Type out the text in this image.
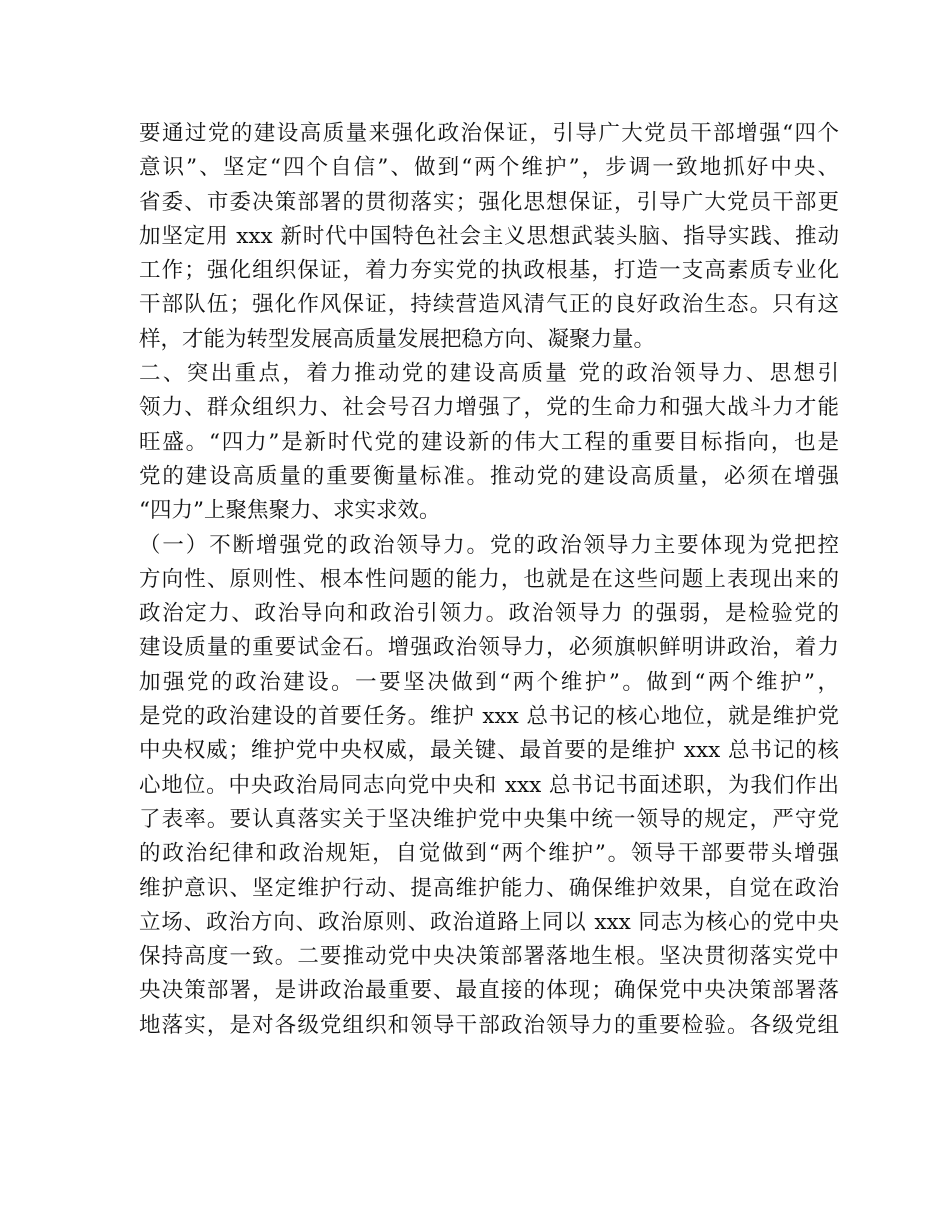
要通过党的建设高质量来强化政治保证，引导广大党员干部增强“四个
意识”、坚定“四个自信”、做到“两个维护”，步调一致地抓好中央、
省委、市委决策部署的贯彻落实；强化思想保证，引导广大党员干部更
加坚定用 xxx 新时代中国特色社会主义思想武装头脑、指导实践、推动
工作；强化组织保证，着力夯实党的执政根基，打造一支高素质专业化
干部队伍；强化作风保证，持续营造风清气正的良好政治生态。只有这
样，才能为转型发展高质量发展把稳方向、凝聚力量。
二、突出重点，着力推动党的建设高质量 党的政治领导力、思想引
领力、群众组织力、社会号召力增强了，党的生命力和强大战斗力才能
旺盛。“四力”是新时代党的建设新的伟大工程的重要目标指向，也是
党的建设高质量的重要衡量标准。推动党的建设高质量，必须在增强
“四力”上聚焦聚力、求实求效。
（一）不断增强党的政治领导力。党的政治领导力主要体现为党把控
方向性、原则性、根本性问题的能力，也就是在这些问题上表现出来的
政治定力、政治导向和政治引领力。政治领导力 的强弱，是检验党的
建设质量的重要试金石。增强政治领导力，必须旗帜鲜明讲政治，着力
加强党的政治建设。一要坚决做到“两个维护”。做到“两个维护”，
是党的政治建设的首要任务。维护 xxx 总书记的核心地位，就是维护党
中央权威；维护党中央权威，最关键、最首要的是维护 xxx 总书记的核
心地位。中央政治局同志向党中央和 xxx 总书记书面述职，为我们作出
了表率。要认真落实关于坚决维护党中央集中统一领导的规定，严守党
的政治纪律和政治规矩，自觉做到“两个维护”。领导干部要带头增强
维护意识、坚定维护行动、提高维护能力、确保维护效果，自觉在政治
立场、政治方向、政治原则、政治道路上同以 xxx 同志为核心的党中央
保持高度一致。二要推动党中央决策部署落地生根。坚决贯彻落实党中
央决策部署，是讲政治最重要、最直接的体现；确保党中央决策部署落
地落实，是对各级党组织和领导干部政治领导力的重要检验。各级党组
